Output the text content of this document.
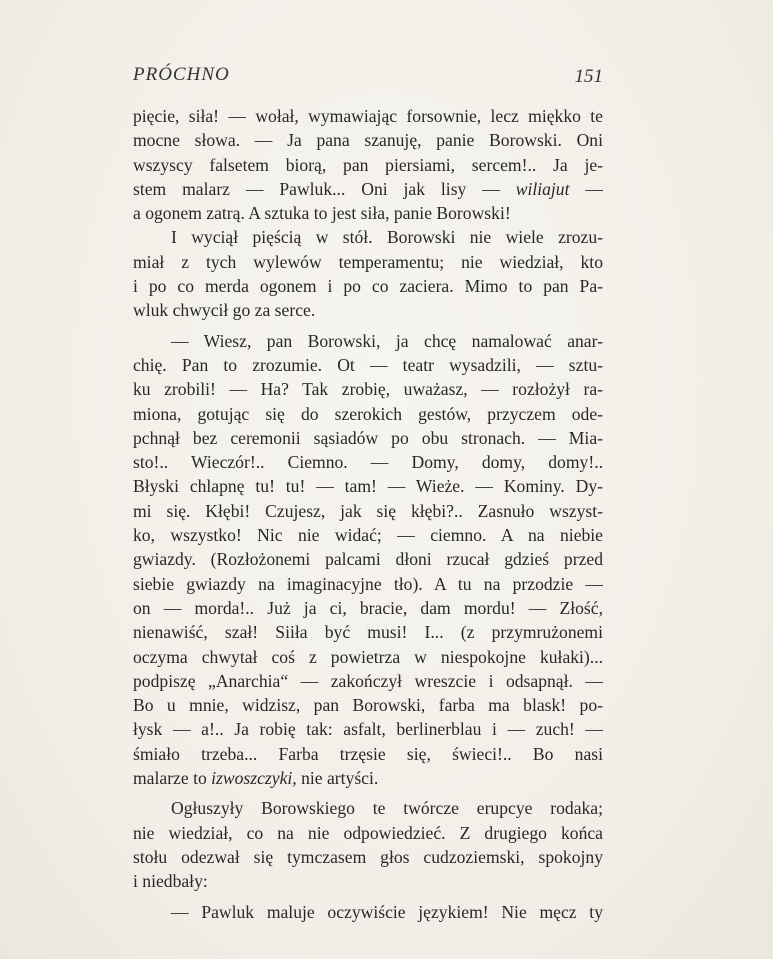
PRÓCHNO	151
pięcie, siła! — wołał, wymawiając forsownie, lecz miękko te
mocne słowa. — Ja pana szanuję, panie Borowski. Oni
wszyscy falsetem biorą, pan piersiami, sercem!.. Ja je-
stem malarz — Pawluk... Oni jak lisy — wiliajut —
a ogonem zatrą. A sztuka to jest siła, panie Borowski!
I wyciął pięścią w stół. Borowski nie wiele zrozu-
miał z tych wylewów temperamentu; nie wiedział, kto
i po co merda ogonem i po co zaciera. Mimo to pan Pa-
wluk chwycił go za serce.
— Wiesz, pan Borowski, ja chcę namalować anar-
chię. Pan to zrozumie. Ot — teatr wysadzili, — sztu-
ku zrobili! — Ha? Tak zrobię, uważasz, — rozłożył ra-
miona, gotując się do szerokich gestów, przyczem ode-
pchnął bez ceremonii sąsiadów po obu stronach. — Mia-
sto!.. Wieczór!.. Ciemno. — Domy, domy, domy!..
Błyski chlapnę tu! tu! — tam! — Wieże. — Kominy. Dy-
mi się. Kłębi! Czujesz, jak się kłębi?.. Zasnuło wszyst-
ko, wszystko! Nic nie widać; — ciemno. A na niebie
gwiazdy. (Rozłożonemi palcami dłoni rzucał gdzieś przed
siebie gwiazdy na imaginacyjne tło). A tu na przodzie —
on — morda!.. Już ja ci, bracie, dam mordu! — Złość,
nienawiść, szał! Siiła być musi! I... (z przymrużonemi
oczyma chwytał coś z powietrza w niespokojne kułaki)...
podpiszę „Anarchia“ — zakończył wreszcie i odsapnął. —
Bo u mnie, widzisz, pan Borowski, farba ma blask! po-
łysk — a!.. Ja robię tak: asfalt, berlinerblau i — zuch! —
śmiało trzeba... Farba trzęsie się, świeci!.. Bo nasi
malarze to izwoszczyki, nie artyści.
Ogłuszyły Borowskiego te twórcze erupcye rodaka;
nie wiedział, co na nie odpowiedzieć. Z drugiego końca
stołu odezwał się tymczasem głos cudzoziemski, spokojny
i niedbały:
— Pawluk maluje oczywiście językiem! Nie męcz ty
